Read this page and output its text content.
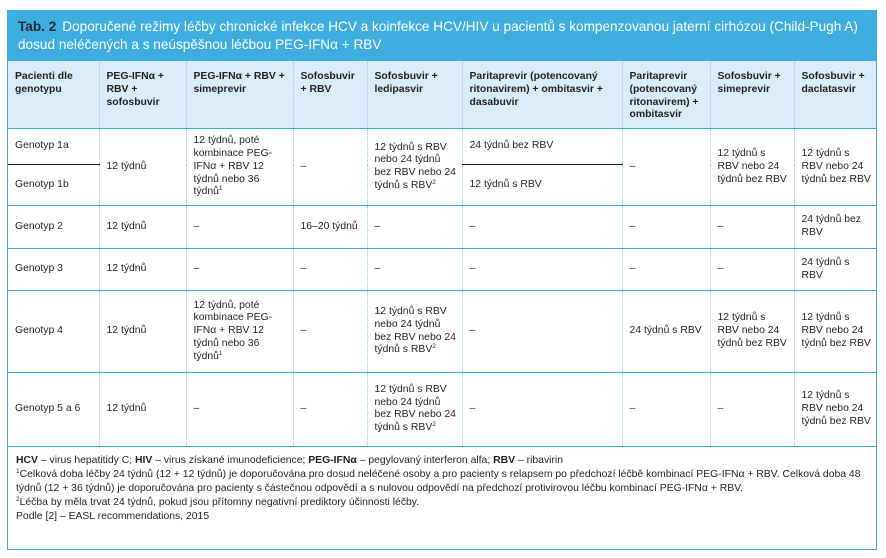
Tab. 2 Doporučené režimy léčby chronické infekce HCV a koinfekce HCV/HIV u pacientů s kompenzovanou jaterní cirhózou (Child-Pugh A) dosud neléčených a s neúspěšnou léčbou PEG-IFNα + RBV
Pacienti dle genotypu	PEG-IFNα + RBV + sofosbuvir	PEG-IFNα + RBV + simeprevir	Sofosbuvir + RBV	Sofosbuvir + ledipasvir	Paritaprevir (potencovaný ritonavirem) + ombitasvir + dasabuvir	Paritaprevir (potencovaný ritonavirem) + ombitasvir	Sofosbuvir + simeprevir	Sofosbuvir + daclatasvir
Genotyp 1a	12 týdnů	12 týdnů, poté kombinace PEG-IFNα + RBV 12 týdnů nebo 36 týdnů$^1$	–	12 týdnů s RBV nebo 24 týdnů bez RBV nebo 24 týdnů s RBV$^2$	24 týdnů bez RBV	–	12 týdnů s RBV nebo 24 týdnů bez RBV	12 týdnů s RBV nebo 24 týdnů bez RBV
Genotyp 1b					12 týdnů s RBV			
Genotyp 2	12 týdnů	–	16–20 týdnů	–	–	–	–	24 týdnů bez RBV
Genotyp 3	12 týdnů	–	–	–	–	–	–	24 týdnů s RBV
Genotyp 4	12 týdnů	12 týdnů, poté kombinace PEG-IFNα + RBV 12 týdnů nebo 36 týdnů$^1$	–	12 týdnů s RBV nebo 24 týdnů bez RBV nebo 24 týdnů s RBV$^2$	–	24 týdnů s RBV	12 týdnů s RBV nebo 24 týdnů bez RBV	12 týdnů s RBV nebo 24 týdnů bez RBV
Genotyp 5 a 6	12 týdnů	–	–	12 týdnů s RBV nebo 24 týdnů bez RBV nebo 24 týdnů s RBV$^2$	–	–	–	12 týdnů s RBV nebo 24 týdnů bez RBV

HCV – virus hepatitidy C; HIV – virus získané imunodeficience; PEG-IFNα – pegylovaný interferon alfa; RBV – ribavirin

$^1$Celková doba léčby 24 týdnů (12 + 12 týdnů) je doporučována pro dosud neléčené osoby a pro pacienty s relapsem po předchozí léčbě kombinací PEG-IFNα + RBV. Celková doba 48 týdnů (12 + 36 týdnů) je doporučována pro pacienty s částečnou odpovědí a s nulovou odpovědí na předchozí protivirovou léčbu kombinací PEG-IFNα + RBV.

$^2$Léčba by měla trvat 24 týdnů, pokud jsou přítomny negativní prediktory účinnosti léčby.

Podle [2] – EASL recommendations, 2015
